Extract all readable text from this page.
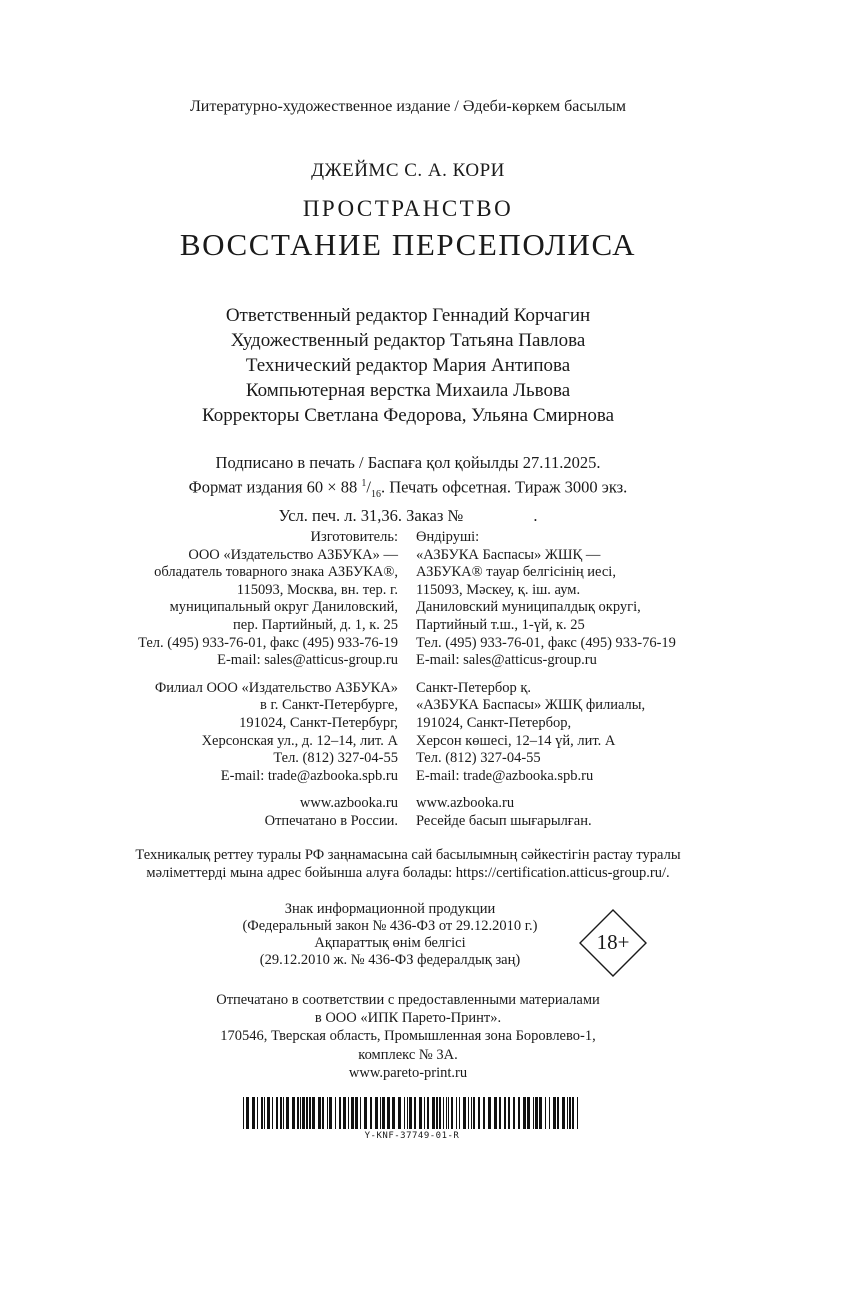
Литературно-художественное издание / Әдеби-көркем басылым
ДЖЕЙМС С. А. КОРИ
ПРОСТРАНСТВО
ВОССТАНИЕ ПЕРСЕПОЛИСА
Ответственный редактор Геннадий Корчагин
Художественный редактор Татьяна Павлова
Технический редактор Мария Антипова
Компьютерная верстка Михаила Львова
Корректоры Светлана Федорова, Ульяна Смирнова
Подписано в печать / Баспаға қол қойылды 27.11.2025.
Формат издания 60 × 88 $^1/_{16}$. Печать офсетная. Тираж 3000 экз.
Усл. печ. л. 31,36. Заказ №                 .
Изготовитель:
ООО «Издательство АЗБУКА» —
обладатель товарного знака АЗБУКА®,
115093, Москва, вн. тер. г.
муниципальный округ Даниловский,
пер. Партийный, д. 1, к. 25
Тел. (495) 933-76-01, факс (495) 933-76-19
E-mail: sales@atticus-group.ru
Филиал ООО «Издательство АЗБУКА»
в г. Санкт-Петербурге,
191024, Санкт-Петербург,
Херсонская ул., д. 12–14, лит. А
Тел. (812) 327-04-55
E-mail: trade@azbooka.spb.ru
www.azbooka.ru
Отпечатано в России.
Өндіруші:
«АЗБУКА Баспасы» ЖШҚ —
АЗБУКА® тауар белгісінің иесі,
115093, Мәскеу, қ. іш. аум.
Даниловский муниципалдық округі,
Партийный т.ш., 1-үй, к. 25
Тел. (495) 933-76-01, факс (495) 933-76-19
E-mail: sales@atticus-group.ru
Санкт-Петербор қ.
«АЗБУКА Баспасы» ЖШҚ филиалы,
191024, Санкт-Петербор,
Херсон көшесі, 12–14 үй, лит. А
Тел. (812) 327-04-55
E-mail: trade@azbooka.spb.ru
www.azbooka.ru
Ресейде басып шығарылған.
Техникалық реттеу туралы РФ заңнамасына сай басылымның сәйкестігін растау туралы
мәліметтерді мына адрес бойынша алуға болады: https://certification.atticus-group.ru/.
Знак информационной продукции
(Федеральный закон № 436-ФЗ от 29.12.2010 г.)
Ақпараттық өнім белгісі
(29.12.2010 ж. № 436-ФЗ федералдық заң)
18+
Отпечатано в соответствии с предоставленными материалами
в ООО «ИПК Парето-Принт».
170546, Тверская область, Промышленная зона Боровлево-1,
комплекс № 3А.
www.pareto-print.ru
Y-KNF-37749-01-R
